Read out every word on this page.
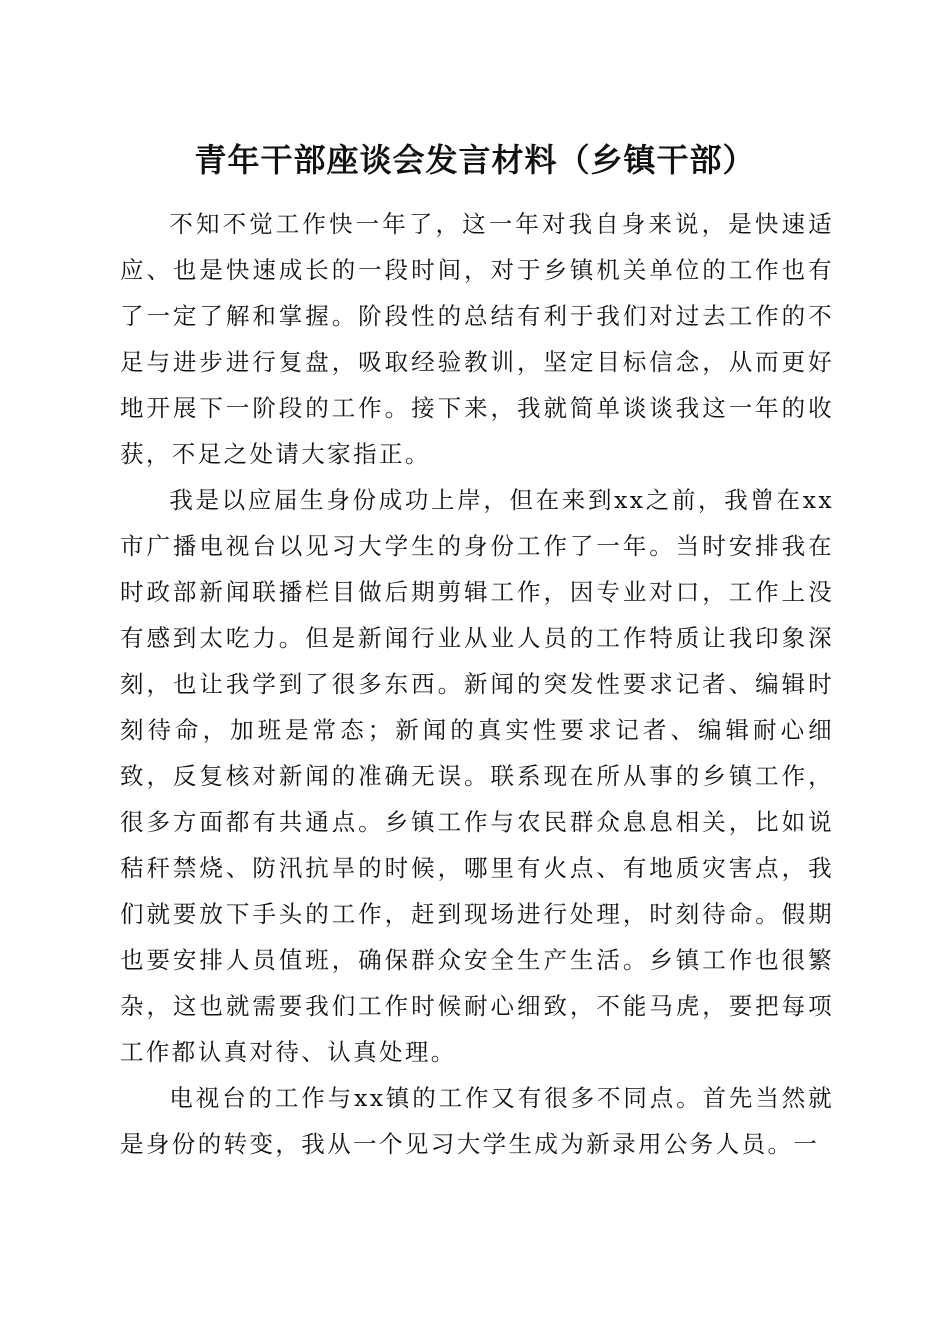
青年干部座谈会发言材料（乡镇干部）

不知不觉工作快一年了，这一年对我自身来说，是快速适应、也是快速成长的一段时间，对于乡镇机关单位的工作也有了一定了解和掌握。阶段性的总结有利于我们对过去工作的不足与进步进行复盘，吸取经验教训，坚定目标信念，从而更好地开展下一阶段的工作。接下来，我就简单谈谈我这一年的收获，不足之处请大家指正。

我是以应届生身份成功上岸，但在来到xx之前，我曾在xx市广播电视台以见习大学生的身份工作了一年。当时安排我在时政部新闻联播栏目做后期剪辑工作，因专业对口，工作上没有感到太吃力。但是新闻行业从业人员的工作特质让我印象深刻，也让我学到了很多东西。新闻的突发性要求记者、编辑时刻待命，加班是常态；新闻的真实性要求记者、编辑耐心细致，反复核对新闻的准确无误。联系现在所从事的乡镇工作，很多方面都有共通点。乡镇工作与农民群众息息相关，比如说秸秆禁烧、防汛抗旱的时候，哪里有火点、有地质灾害点，我们就要放下手头的工作，赶到现场进行处理，时刻待命。假期也要安排人员值班，确保群众安全生产生活。乡镇工作也很繁杂，这也就需要我们工作时候耐心细致，不能马虎，要把每项工作都认真对待、认真处理。

电视台的工作与xx镇的工作又有很多不同点。首先当然就是身份的转变，我从一个见习大学生成为新录用公务人员。一
